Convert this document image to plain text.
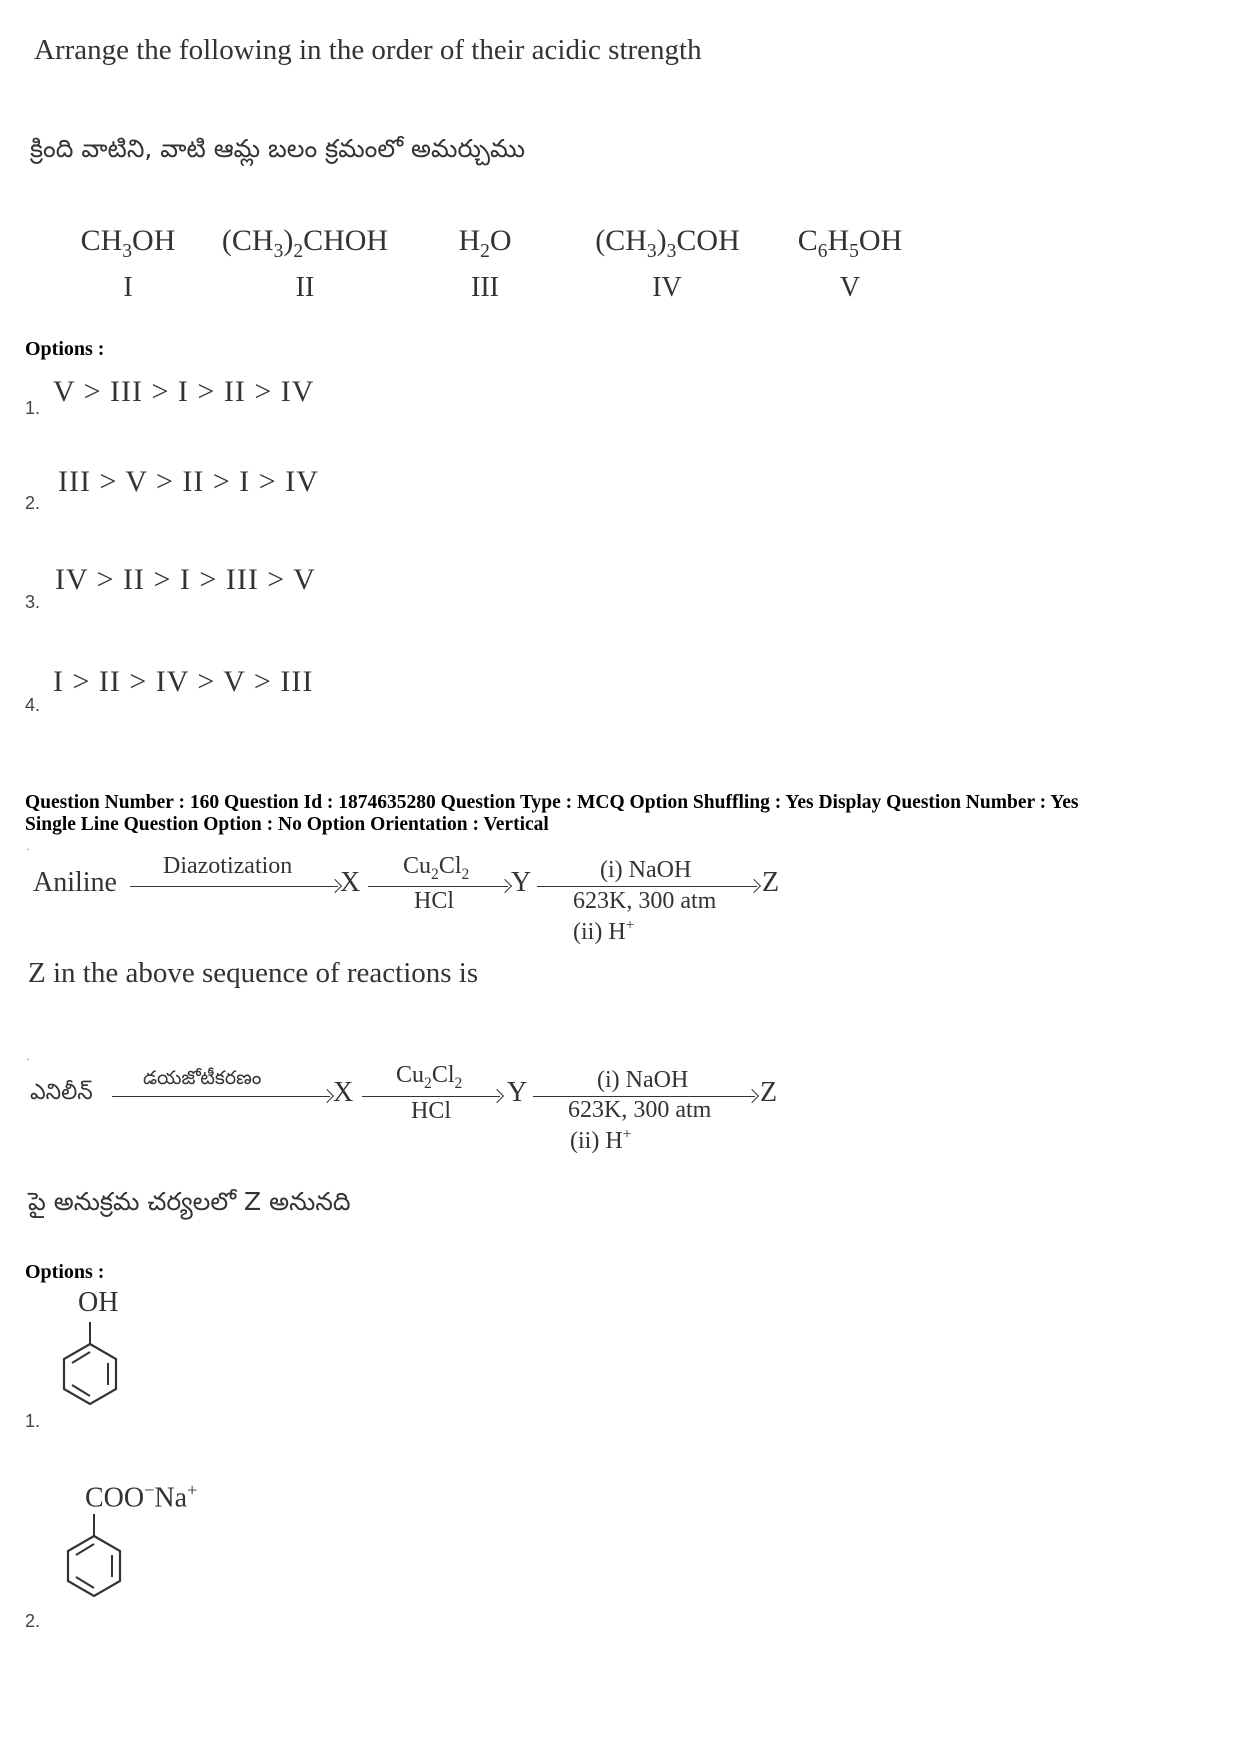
Arrange the following in the order of their acidic strength
క్రింది వాటిని, వాటి ఆమ్ల బలం క్రమంలో అమర్చుము
$CH_3OH$	$(CH_3)_2CHOH$	$H_2O$	$(CH_3)_3COH$	$C_6H_5OH$
I	II	III	IV	V
Options :
1. V > III > I > II > IV
2.
III > V > II > I > IV
3.
IV > II > I > III > V
4.
I > II > IV > V > III
Question Number : 160 Question Id : 1874635280 Question Type : MCQ Option Shuffling : Yes Display Question Number : Yes
Single Line Question Option : No Option Orientation : Vertical
.
Aniline
Diazotization
X
$Cu_2Cl_2$
HCl
Y	(i) NaOH
623K, 300 atm
(ii) H+
Z
Z in the above sequence of reactions is
.
ఎనిలీన్
డయజోటీకరణం	X
$Cu_2Cl_2$
HCl
Y	(i) NaOH
623K, 300 atm
(ii) H+
Z
పై అనుక్రమ చర్యలలో Z అనునది
Options :
OH
1.
COO−Na+
2.
